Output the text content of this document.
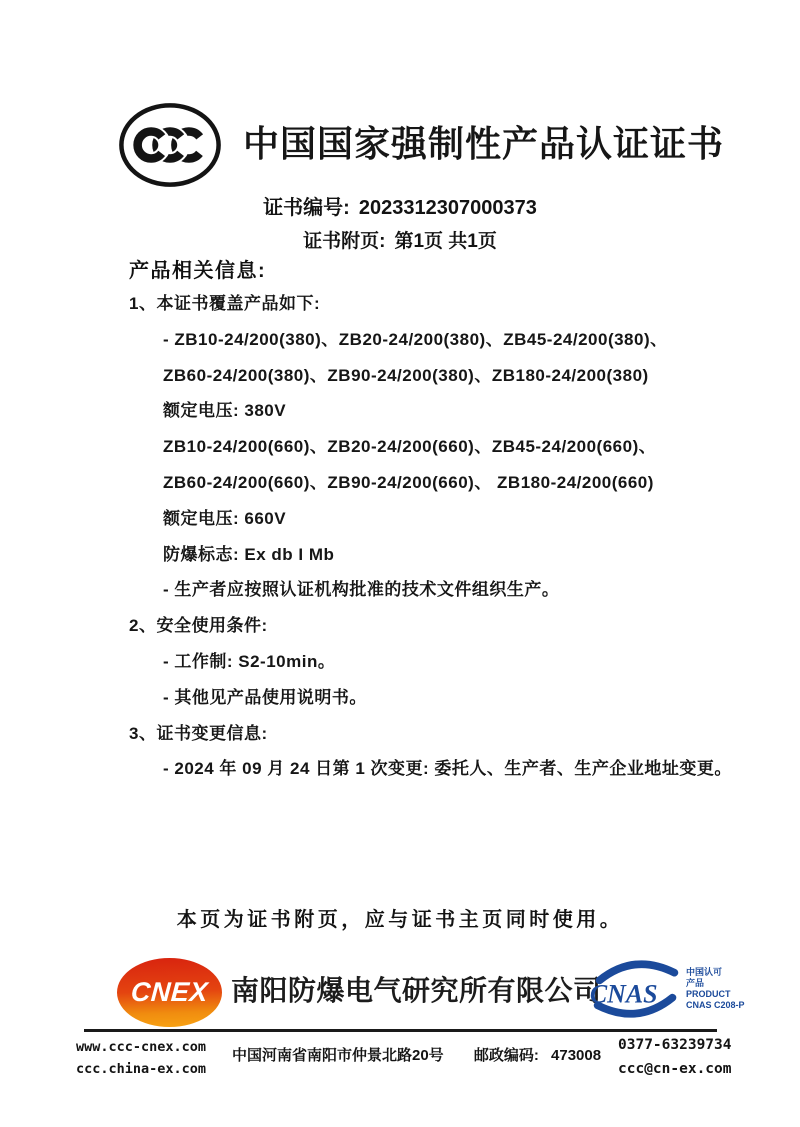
中国国家强制性产品认证证书
证书编号: 2023312307000373
证书附页: 第1页 共1页
产品相关信息:
1、本证书覆盖产品如下:
- ZB10-24/200(380)、ZB20-24/200(380)、ZB45-24/200(380)、
ZB60-24/200(380)、ZB90-24/200(380)、ZB180-24/200(380)
额定电压: 380V
ZB10-24/200(660)、ZB20-24/200(660)、ZB45-24/200(660)、
ZB60-24/200(660)、ZB90-24/200(660)、 ZB180-24/200(660)
额定电压: 660V
防爆标志: Ex db I Mb
- 生产者应按照认证机构批准的技术文件组织生产。
2、安全使用条件:
- 工作制: S2-10min。
- 其他见产品使用说明书。
3、证书变更信息:
- 2024 年 09 月 24 日第 1 次变更: 委托人、生产者、生产企业地址变更。
本页为证书附页，应与证书主页同时使用。
CNEX 南阳防爆电气研究所有限公司
CNAS
中国认可
产品
PRODUCT
CNAS C208-P
www.ccc-cnex.com
ccc.china-ex.com
中国河南省南阳市仲景北路20号 邮政编码: 473008
0377-63239734
ccc@cn-ex.com
